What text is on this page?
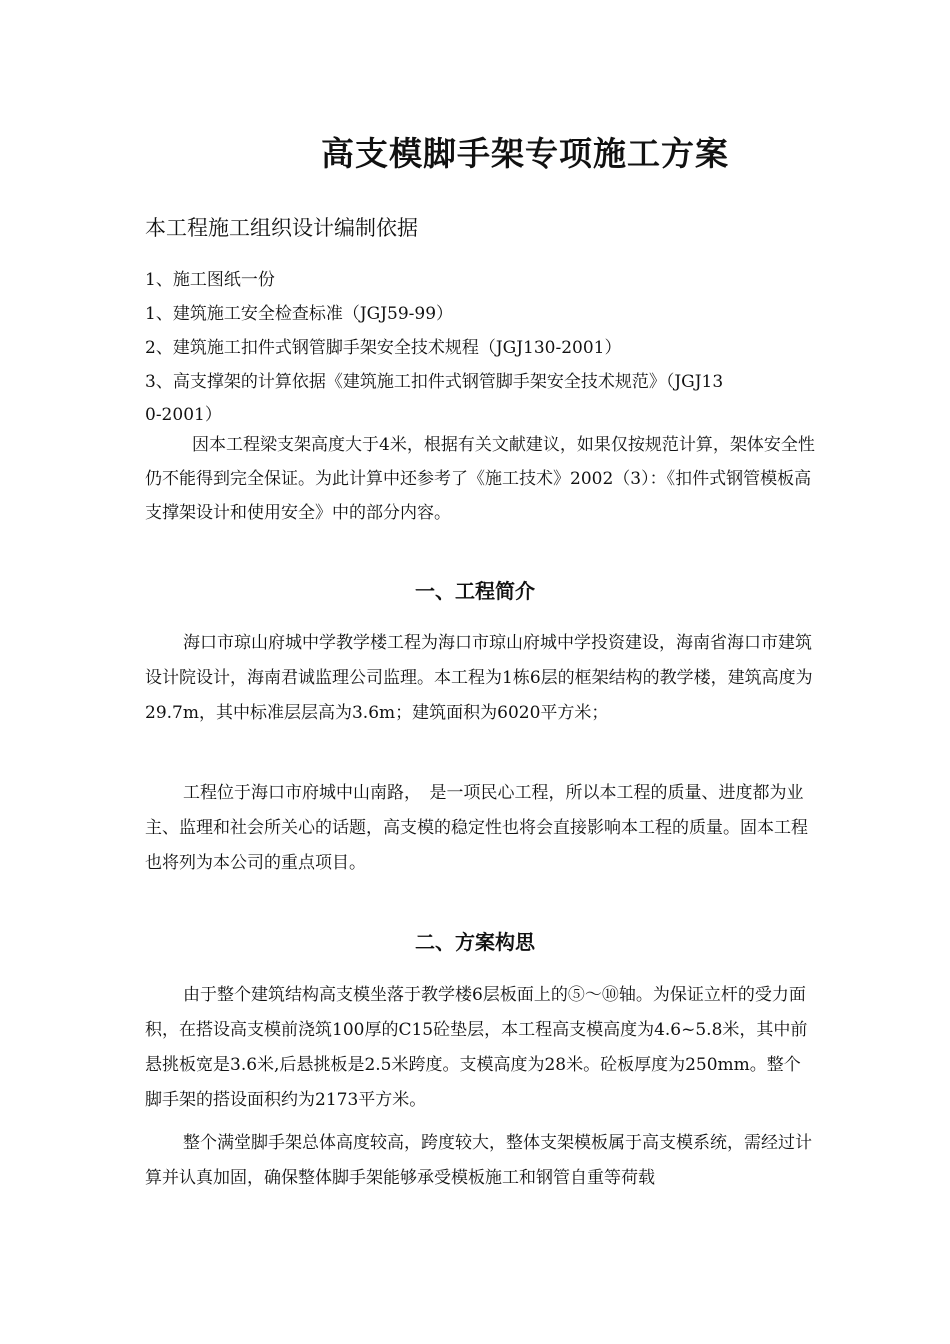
高支模脚手架专项施工方案
本工程施工组织设计编制依据
1、施工图纸一份
1、建筑施工安全检查标准（JGJ59-99）
2、建筑施工扣件式钢管脚手架安全技术规程（JGJ130-2001）
3、高支撑架的计算依据《建筑施工扣件式钢管脚手架安全技术规范》（JGJ13
0-2001）
因本工程梁支架高度大于4米，根据有关文献建议，如果仅按规范计算，架体安全性仍不能得到完全保证。为此计算中还参考了《施工技术》2002（3）：《扣件式钢管模板高支撑架设计和使用安全》中的部分内容。
一、工程简介
海口市琼山府城中学教学楼工程为海口市琼山府城中学投资建设，海南省海口市建筑设计院设计，海南君诚监理公司监理。本工程为1栋6层的框架结构的教学楼，建筑高度为29.7m，其中标准层层高为3.6m；建筑面积为6020平方米；
工程位于海口市府城中山南路，　是一项民心工程，所以本工程的质量、进度都为业主、监理和社会所关心的话题，高支模的稳定性也将会直接影响本工程的质量。固本工程也将列为本公司的重点项目。
二、方案构思
由于整个建筑结构高支模坐落于教学楼6层板面上的⑤～⑩轴。为保证立杆的受力面积，在搭设高支模前浇筑100厚的C15砼垫层，本工程高支模高度为4.6~5.8米，其中前悬挑板宽是3.6米,后悬挑板是2.5米跨度。支模高度为28米。砼板厚度为250mm。整个脚手架的搭设面积约为2173平方米。
整个满堂脚手架总体高度较高，跨度较大，整体支架模板属于高支模系统，需经过计算并认真加固，确保整体脚手架能够承受模板施工和钢管自重等荷载
